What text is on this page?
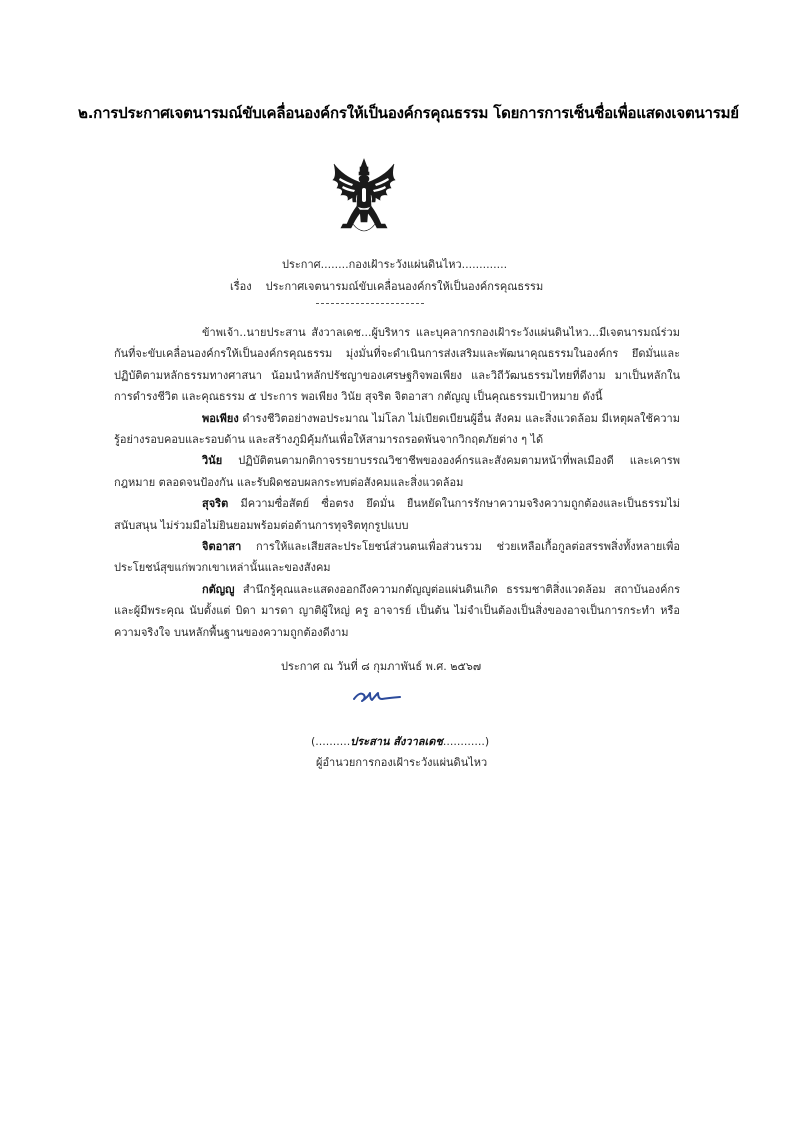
๒.การประกาศเจตนารมณ์ขับเคลื่อนองค์กรให้เป็นองค์กรคุณธรรม โดยการการเซ็นชื่อเพื่อแสดงเจตนารมย์
ประกาศ........กองเฝ้าระวังแผ่นดินไหว.............
เรื่อง ประกาศเจตนารมณ์ขับเคลื่อนองค์กรให้เป็นองค์กรคุณธรรม

ข้าพเจ้า..นายประสาน สังวาลเดช...ผู้บริหาร และบุคลากรกองเฝ้าระวังแผ่นดินไหว...มีเจตนารมณ์ร่วมกันที่จะขับเคลื่อนองค์กรให้เป็นองค์กรคุณธรรม มุ่งมั่นที่จะดำเนินการส่งเสริมและพัฒนาคุณธรรมในองค์กร ยึดมั่นและปฏิบัติตามหลักธรรมทางศาสนา น้อมนำหลักปรัชญาของเศรษฐกิจพอเพียง และวิถีวัฒนธรรมไทยที่ดีงาม มาเป็นหลักในการดำรงชีวิต และคุณธรรม ๕ ประการ พอเพียง วินัย สุจริต จิตอาสา กตัญญู เป็นคุณธรรมเป้าหมาย ดังนี้

พอเพียง ดำรงชีวิตอย่างพอประมาณ ไม่โลภ ไม่เบียดเบียนผู้อื่น สังคม และสิ่งแวดล้อม มีเหตุผลใช้ความรู้อย่างรอบคอบและรอบด้าน และสร้างภูมิคุ้มกันเพื่อให้สามารถรอดพ้นจากวิกฤตภัยต่าง ๆ ได้

วินัย ปฏิบัติตนตามกติกาจรรยาบรรณวิชาชีพขององค์กรและสังคมตามหน้าที่พลเมืองดี และเคารพกฎหมาย ตลอดจนป้องกัน และรับผิดชอบผลกระทบต่อสังคมและสิ่งแวดล้อม

สุจริต มีความซื่อสัตย์ ซื่อตรง ยึดมั่น ยืนหยัดในการรักษาความจริงความถูกต้องและเป็นธรรมไม่สนับสนุน ไม่ร่วมมือไม่ยินยอมพร้อมต่อต้านการทุจริตทุกรูปแบบ

จิตอาสา การให้และเสียสละประโยชน์ส่วนตนเพื่อส่วนรวม ช่วยเหลือเกื้อกูลต่อสรรพสิ่งทั้งหลายเพื่อประโยชน์สุขแก่พวกเขาเหล่านั้นและของสังคม

กตัญญู สำนึกรู้คุณและแสดงออกถึงความกตัญญูต่อแผ่นดินเกิด ธรรมชาติสิ่งแวดล้อม สถาบันองค์กร และผู้มีพระคุณ นับตั้งแต่ บิดา มารดา ญาติผู้ใหญ่ ครู อาจารย์ เป็นต้น ไม่จำเป็นต้องเป็นสิ่งของอาจเป็นการกระทำ หรือความจริงใจ บนหลักพื้นฐานของความถูกต้องดีงาม

ประกาศ ณ วันที่ ๘ กุมภาพันธ์ พ.ศ. ๒๕๖๗
(..........ประสาน สังวาลเดช............)
ผู้อำนวยการกองเฝ้าระวังแผ่นดินไหว
